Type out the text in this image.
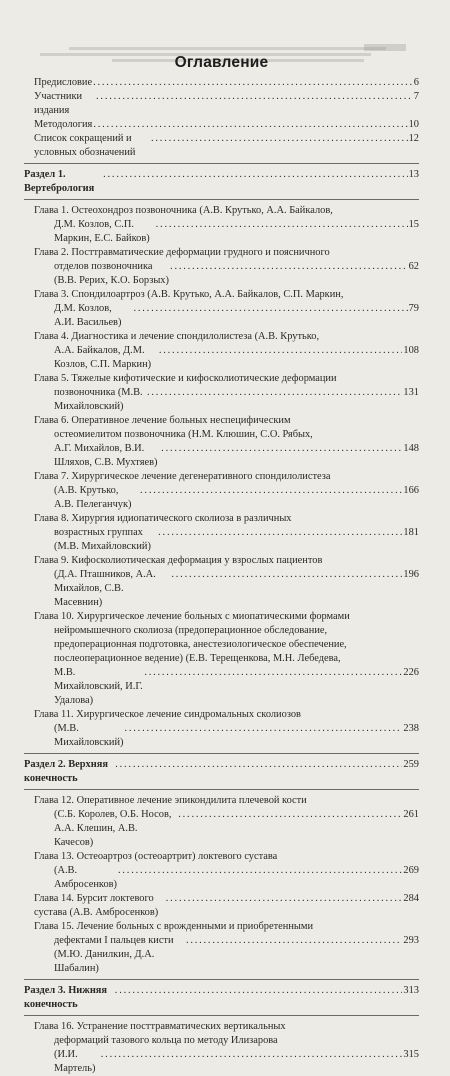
Оглавление
Предисловие . . .	6
Участники издания
. . .
7
Методология . . .	10
Список сокращений и условных обозначений
. . .
12
Раздел 1. Вертебрология
. . .
13
Глава 1. Остеохондроз позвоночника (А.В. Крутько, А.А. Байкалов,
Д.М. Козлов, С.П. Маркин, Е.С. Байков)
. . .
15
Глава 2. Посттравматические деформации грудного и поясничного
отделов позвоночника (В.В. Рерих, К.О. Борзых)
. . .
62
Глава 3. Спондилоартроз (А.В. Крутько, А.А. Байкалов, С.П. Маркин,
Д.М. Козлов, А.И. Васильев)
. . .
79
Глава 4. Диагностика и лечение спондилолистеза (А.В. Крутько,
А.А. Байкалов, Д.М. Козлов, С.П. Маркин)
. . .
108
Глава 5. Тяжелые кифотические и кифосколиотические деформации
позвоночника (М.В. Михайловский)
. . .
131
Глава 6. Оперативное лечение больных неспецифическим
остеомиелитом позвоночника (Н.М. Клюшин, С.О. Рябых,
А.Г. Михайлов, В.И. Шляхов, С.В. Мухтяев)
. . .
148
Глава 7. Хирургическое лечение дегенеративного спондилолистеза
(А.В. Крутько, А.В. Пелеганчук)
. . .
166
Глава 8. Хирургия идиопатического сколиоза в различных
возрастных группах (М.В. Михайловский)
. . .
181
Глава 9. Кифосколиотическая деформация у взрослых пациентов
(Д.А. Пташников, А.А. Михайлов, С.В. Масевнин)
. . .
196
Глава 10. Хирургическое лечение больных с миопатическими формами
нейромышечного сколиоза (предоперационное обследование,
предоперационная подготовка, анестезиологическое обеспечение,
послеоперационное ведение) (Е.В. Терещенкова, М.Н. Лебедева,
М.В. Михайловский, И.Г. Удалова)
. . .
226
Глава 11. Хирургическое лечение синдромальных сколиозов
(М.В. Михайловский)
. . .
238
Раздел 2. Верхняя конечность
. . .
259
Глава 12. Оперативное лечение эпикондилита плечевой кости
(С.Б. Королев, О.Б. Носов, А.А. Клешин, А.В. Качесов)
. . .
261
Глава 13. Остеоартроз (остеоартрит) локтевого сустава
(А.В. Амбросенков)
. . .
269
Глава 14. Бурсит локтевого сустава (А.В. Амбросенков)
. . .
284
Глава 15. Лечение больных с врожденными и приобретенными
дефектами I пальцев кисти (М.Ю. Данилкин, Д.А. Шабалин)
. . .
293
Раздел 3. Нижняя конечность
. . .
313
Глава 16. Устранение посттравматических вертикальных
деформаций тазового кольца по методу Илизарова
(И.И. Мартель)
. . .
315
